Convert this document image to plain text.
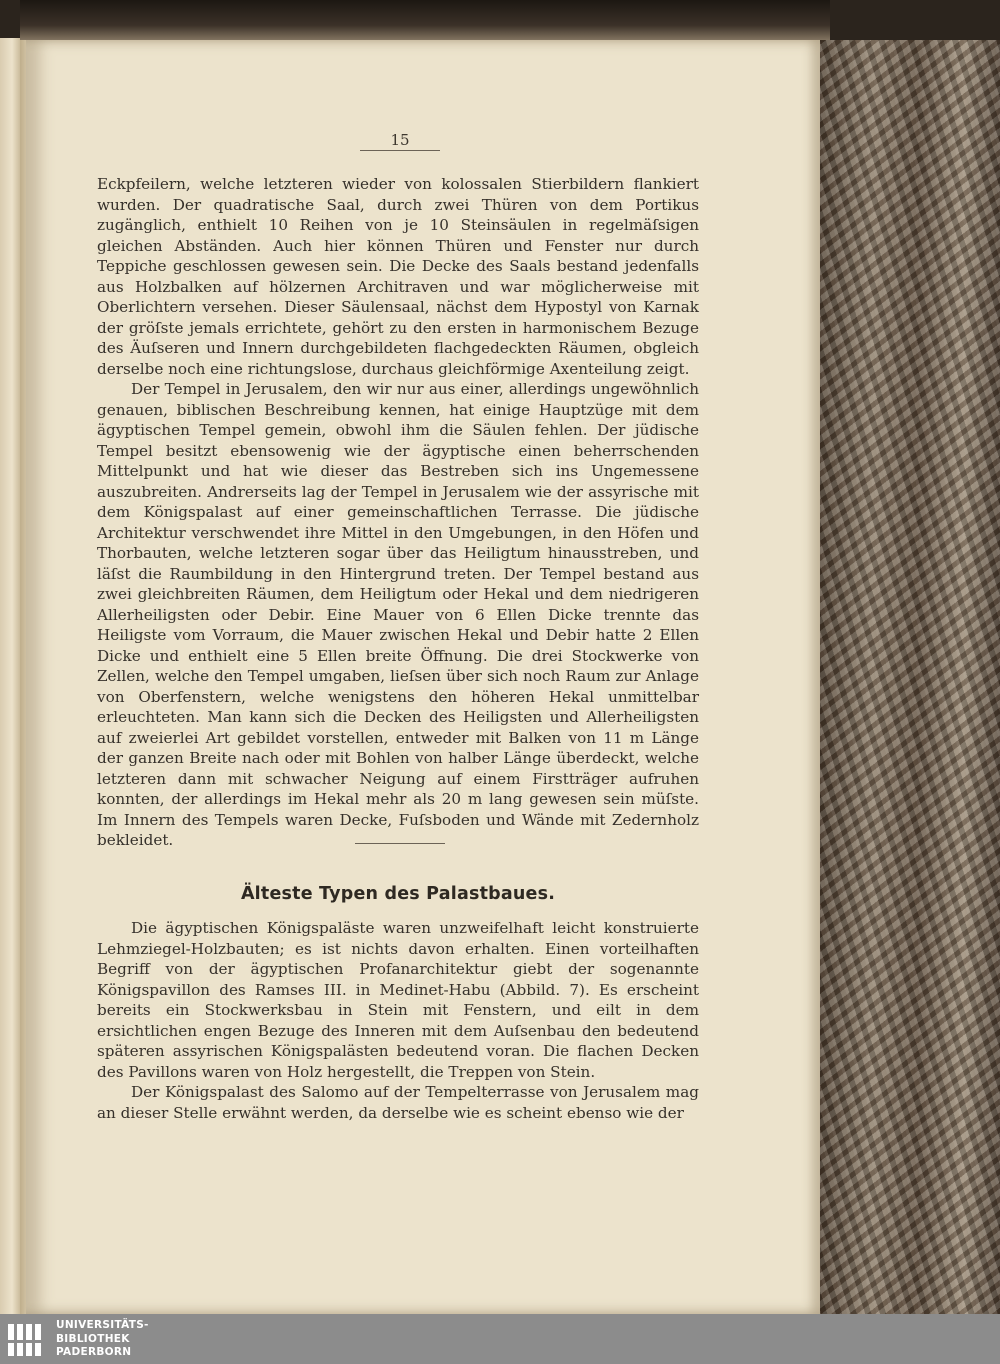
15

Eckpfeilern, welche letzteren wieder von kolossalen Stierbildern flankiert wurden. Der quadratische Saal, durch zwei Thüren von dem Portikus zugänglich, enthielt 10 Reihen von je 10 Steinsäulen in regelmäſsigen gleichen Abständen. Auch hier können Thüren und Fenster nur durch Teppiche geschlossen gewesen sein. Die Decke des Saals bestand jedenfalls aus Holzbalken auf hölzernen Architraven und war möglicherweise mit Oberlichtern versehen. Dieser Säulensaal, nächst dem Hypostyl von Karnak der gröſste jemals errichtete, gehört zu den ersten in harmonischem Bezuge des Äuſseren und Innern durchgebildeten flachgedeckten Räumen, obgleich derselbe noch eine richtungslose, durchaus gleichförmige Axenteilung zeigt.

Der Tempel in Jerusalem, den wir nur aus einer, allerdings ungewöhnlich genauen, biblischen Beschreibung kennen, hat einige Hauptzüge mit dem ägyptischen Tempel gemein, obwohl ihm die Säulen fehlen. Der jüdische Tempel besitzt ebensowenig wie der ägyptische einen beherrschenden Mittelpunkt und hat wie dieser das Bestreben sich ins Ungemessene auszubreiten. Andrerseits lag der Tempel in Jerusalem wie der assyrische mit dem Königspalast auf einer gemeinschaftlichen Terrasse. Die jüdische Architektur verschwendet ihre Mittel in den Umgebungen, in den Höfen und Thorbauten, welche letzteren sogar über das Heiligtum hinausstreben, und läſst die Raumbildung in den Hintergrund treten. Der Tempel bestand aus zwei gleichbreiten Räumen, dem Heiligtum oder Hekal und dem niedrigeren Allerheiligsten oder Debir. Eine Mauer von 6 Ellen Dicke trennte das Heiligste vom Vorraum, die Mauer zwischen Hekal und Debir hatte 2 Ellen Dicke und enthielt eine 5 Ellen breite Öffnung. Die drei Stockwerke von Zellen, welche den Tempel umgaben, lieſsen über sich noch Raum zur Anlage von Oberfenstern, welche wenigstens den höheren Hekal unmittelbar erleuchteten. Man kann sich die Decken des Heiligsten und Allerheiligsten auf zweierlei Art gebildet vorstellen, entweder mit Balken von 11 m Länge der ganzen Breite nach oder mit Bohlen von halber Länge überdeckt, welche letzteren dann mit schwacher Neigung auf einem Firstträger aufruhen konnten, der allerdings im Hekal mehr als 20 m lang gewesen sein müſste. Im Innern des Tempels waren Decke, Fuſsboden und Wände mit Zedernholz bekleidet.

Älteste Typen des Palastbaues.

Die ägyptischen Königspaläste waren unzweifelhaft leicht konstruierte Lehmziegel-Holzbauten; es ist nichts davon erhalten. Einen vorteilhaften Begriff von der ägyptischen Profanarchitektur giebt der sogenannte Königspavillon des Ramses III. in Medinet-Habu (Abbild. 7). Es erscheint bereits ein Stockwerksbau in Stein mit Fenstern, und eilt in dem ersichtlichen engen Bezuge des Inneren mit dem Auſsenbau den bedeutend späteren assyrischen Königspalästen bedeutend voran. Die flachen Decken des Pavillons waren von Holz hergestellt, die Treppen von Stein.

Der Königspalast des Salomo auf der Tempelterrasse von Jerusalem mag an dieser Stelle erwähnt werden, da derselbe wie es scheint ebenso wie der

UNIVERSITÄTS-
BIBLIOTHEK
PADERBORN
